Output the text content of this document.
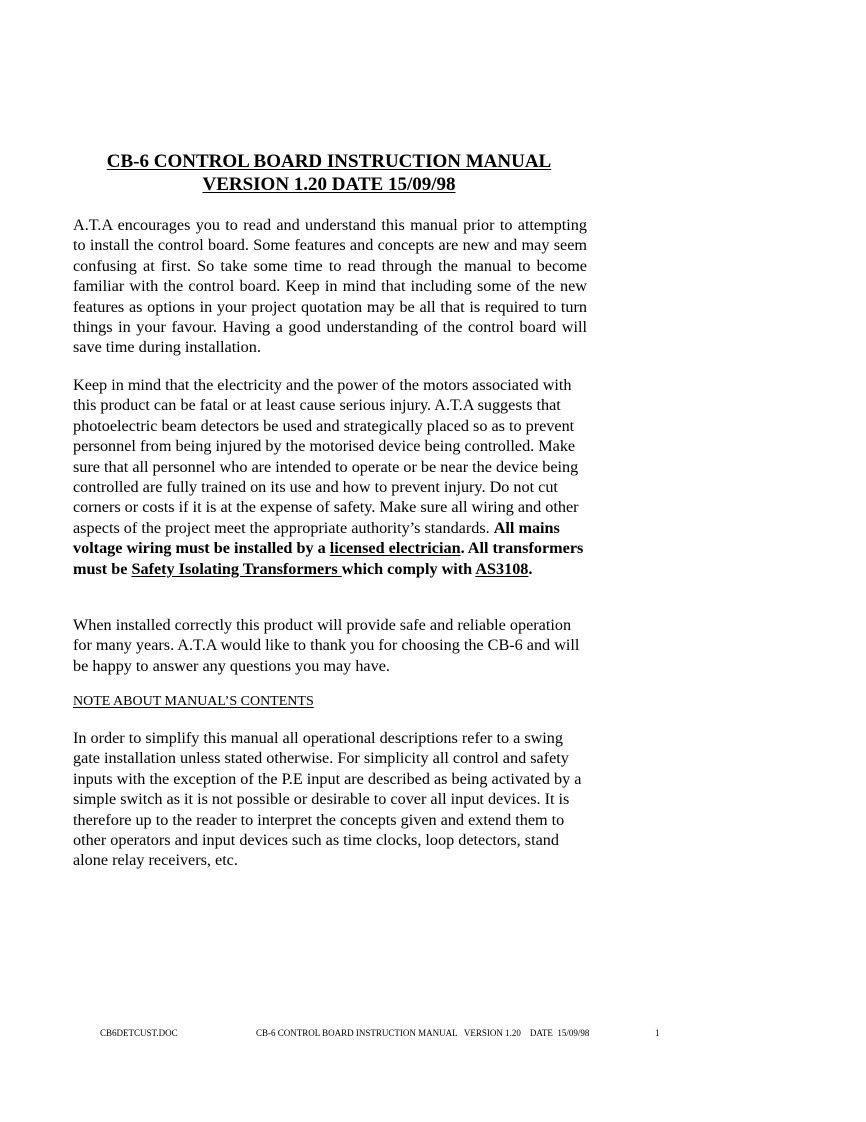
CB-6 CONTROL BOARD INSTRUCTION MANUAL
VERSION 1.20 DATE 15/09/98

A.T.A encourages you to read and understand this manual prior to attempting to install the control board. Some features and concepts are new and may seem confusing at first. So take some time to read through the manual to become familiar with the control board. Keep in mind that including some of the new features as options in your project quotation may be all that is required to turn things in your favour. Having a good understanding of the control board will save time during installation.

Keep in mind that the electricity and the power of the motors associated with this product can be fatal or at least cause serious injury. A.T.A suggests that photoelectric beam detectors be used and strategically placed so as to prevent personnel from being injured by the motorised device being controlled. Make sure that all personnel who are intended to operate or be near the device being controlled are fully trained on its use and how to prevent injury. Do not cut corners or costs if it is at the expense of safety. Make sure all wiring and other aspects of the project meet the appropriate authority’s standards. All mains voltage wiring must be installed by a licensed electrician. All transformers must be Safety Isolating Transformers which comply with AS3108.

When installed correctly this product will provide safe and reliable operation for many years. A.T.A would like to thank you for choosing the CB-6 and will be happy to answer any questions you may have.

NOTE ABOUT MANUAL’S CONTENTS

In order to simplify this manual all operational descriptions refer to a swing gate installation unless stated otherwise. For simplicity all control and safety inputs with the exception of the P.E input are described as being activated by a simple switch as it is not possible or desirable to cover all input devices. It is therefore up to the reader to interpret the concepts given and extend them to other operators and input devices such as time clocks, loop detectors, stand alone relay receivers, etc.

CB6DETCUST.DOC	CB-6 CONTROL BOARD INSTRUCTION MANUAL   VERSION 1.20    DATE  15/09/98	1
